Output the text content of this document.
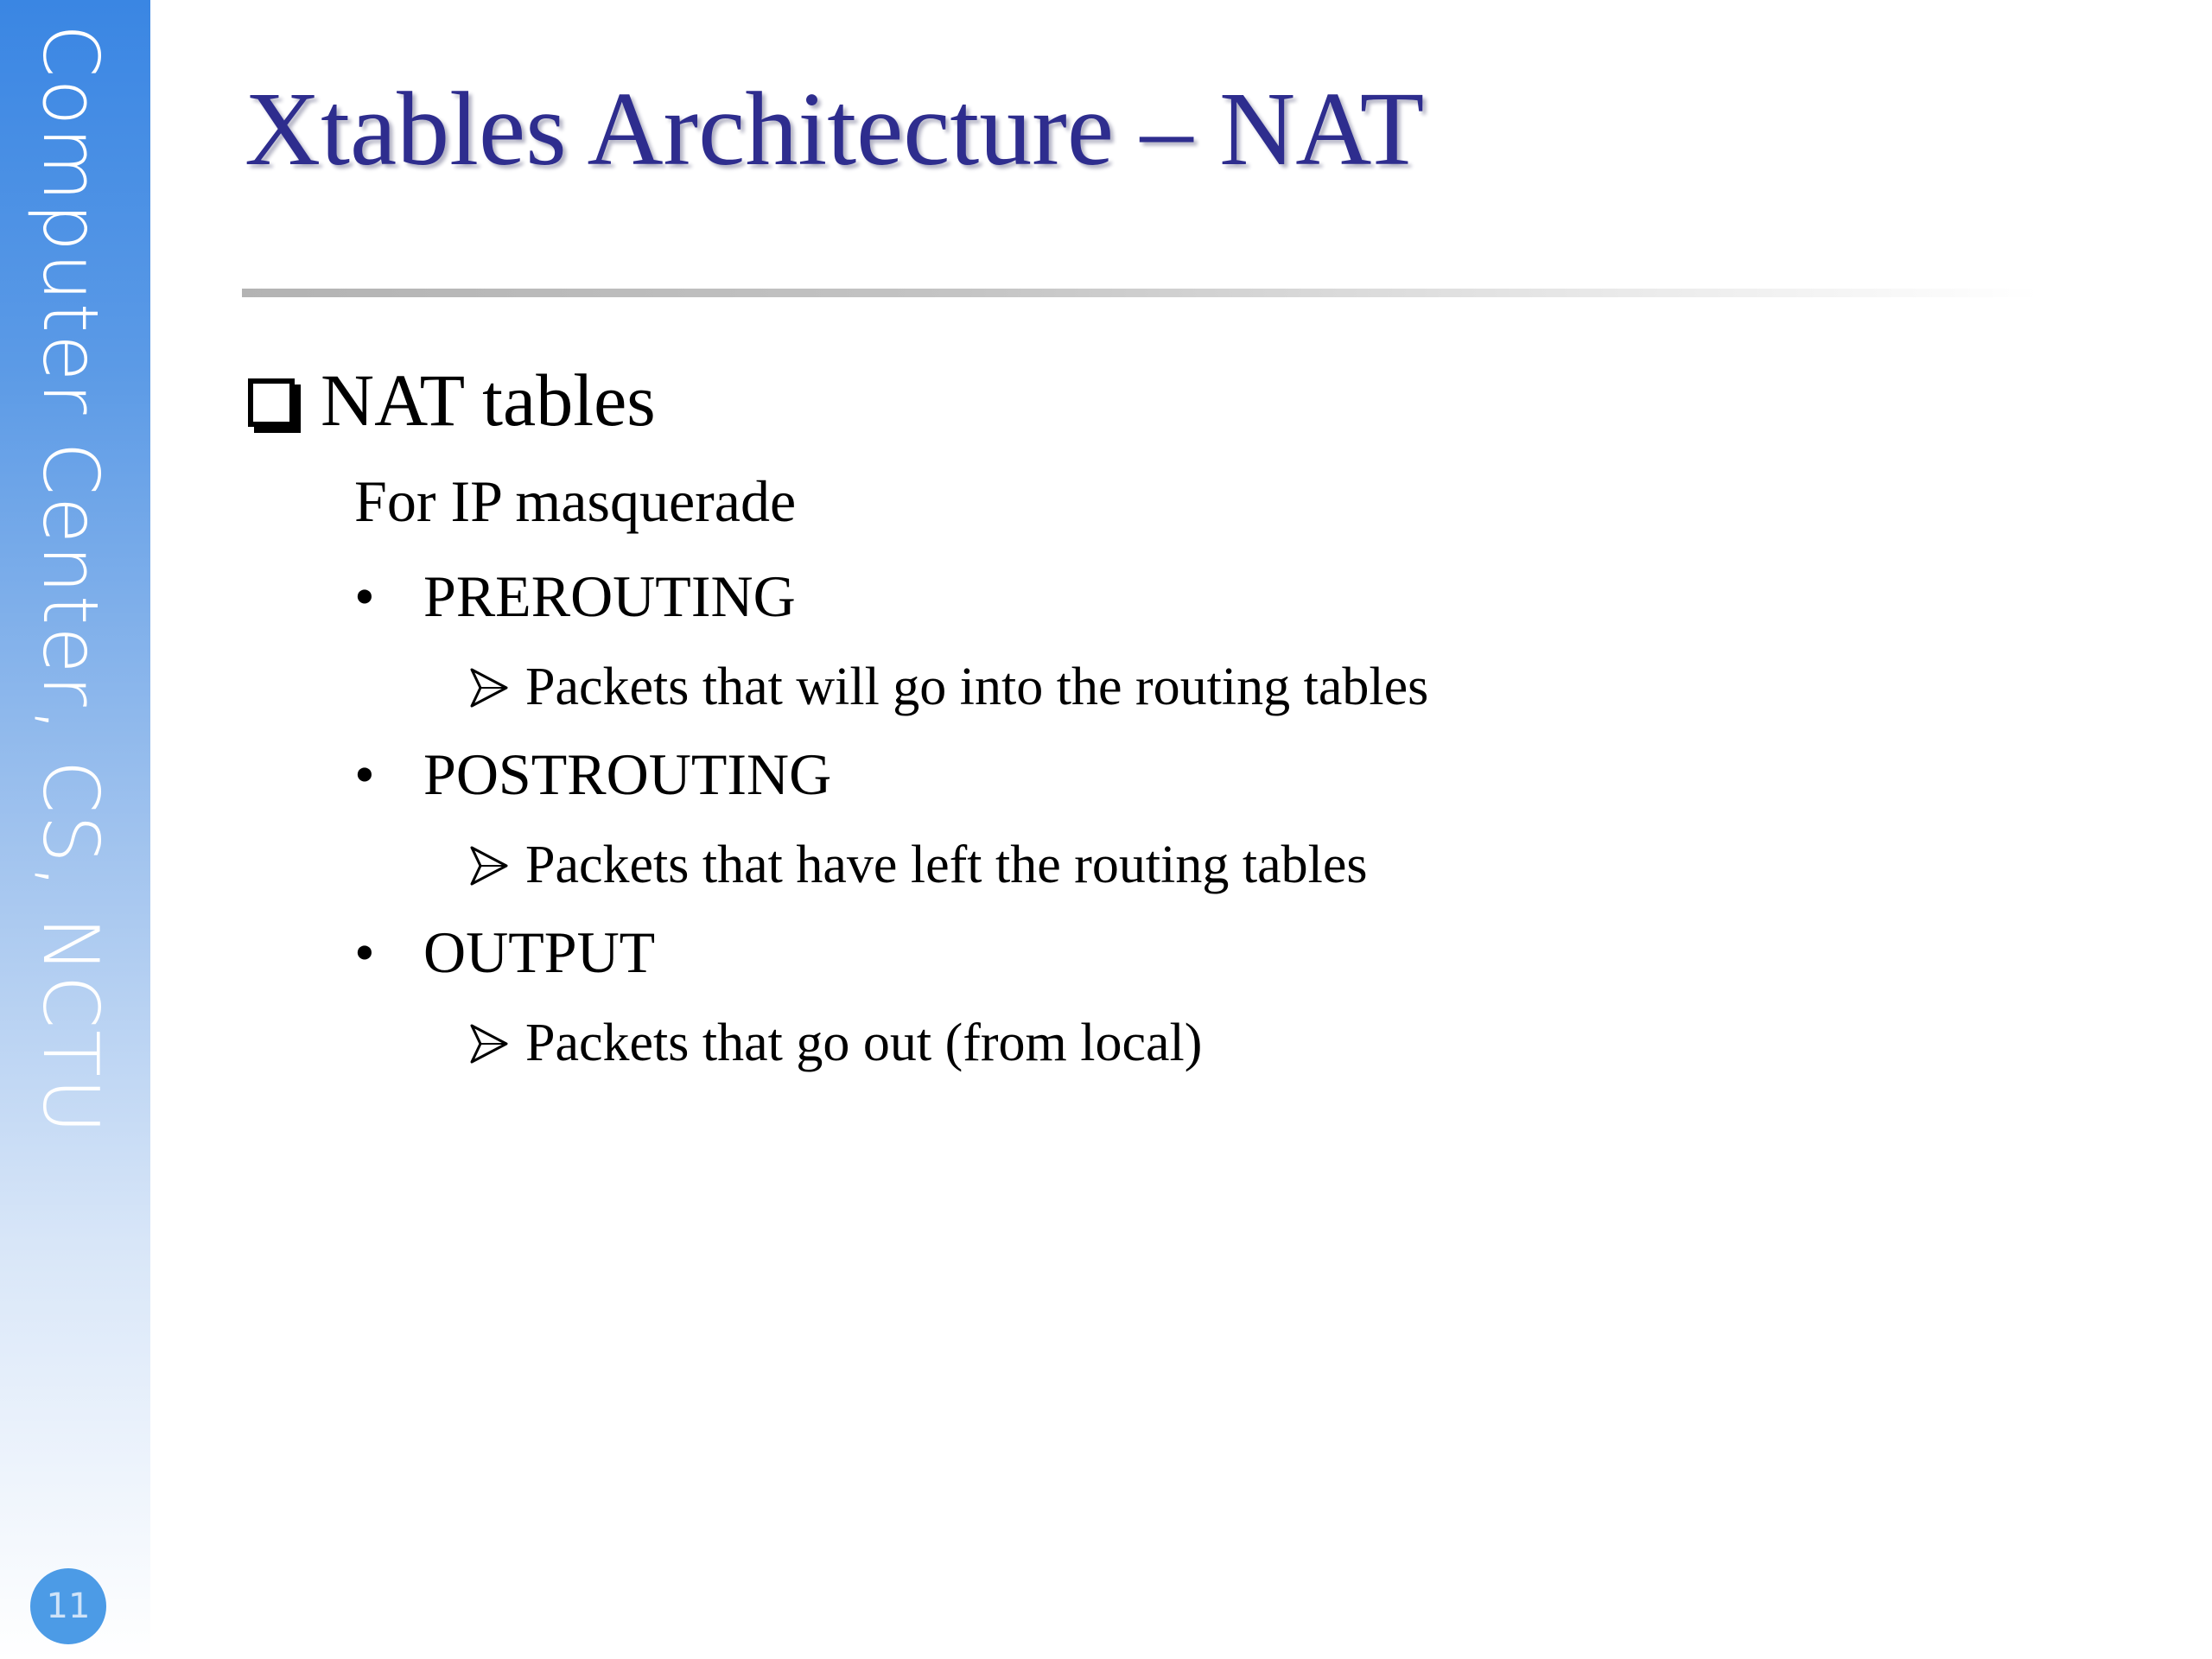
Computer Center, CS, NCTU
11
Xtables Architecture – NAT
NAT tables
For IP masquerade
• PREROUTING
Packets that will go into the routing tables
• POSTROUTING
Packets that have left the routing tables
• OUTPUT
Packets that go out (from local)
